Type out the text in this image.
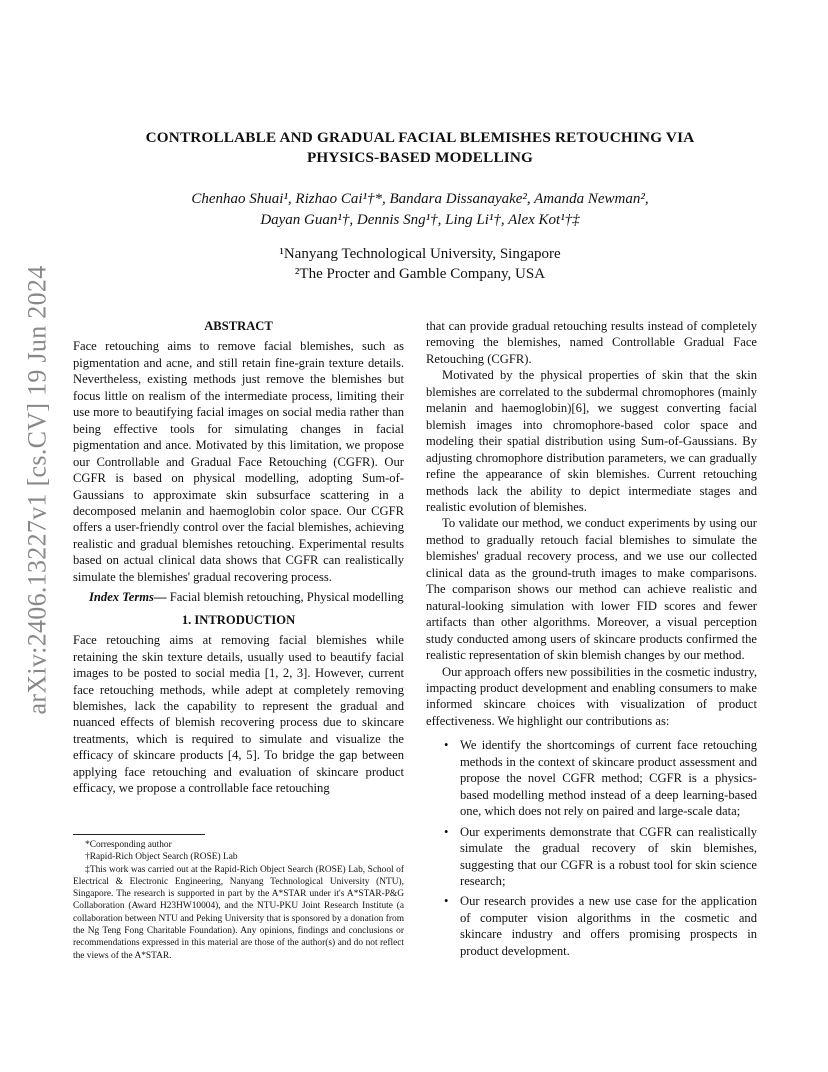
arXiv:2406.13227v1 [cs.CV] 19 Jun 2024
CONTROLLABLE AND GRADUAL FACIAL BLEMISHES RETOUCHING VIA PHYSICS-BASED MODELLING
Chenhao Shuai¹, Rizhao Cai¹†*, Bandara Dissanayake², Amanda Newman²,
Dayan Guan¹†, Dennis Sng¹†, Ling Li¹†, Alex Kot¹†‡
¹Nanyang Technological University, Singapore
²The Procter and Gamble Company, USA
ABSTRACT

Face retouching aims to remove facial blemishes, such as pigmentation and acne, and still retain fine-grain texture details. Nevertheless, existing methods just remove the blemishes but focus little on realism of the intermediate process, limiting their use more to beautifying facial images on social media rather than being effective tools for simulating changes in facial pigmentation and ance. Motivated by this limitation, we propose our Controllable and Gradual Face Retouching (CGFR). Our CGFR is based on physical modelling, adopting Sum-of-Gaussians to approximate skin subsurface scattering in a decomposed melanin and haemoglobin color space. Our CGFR offers a user-friendly control over the facial blemishes, achieving realistic and gradual blemishes retouching. Experimental results based on actual clinical data shows that CGFR can realistically simulate the blemishes' gradual recovering process.

Index Terms— Facial blemish retouching, Physical modelling

1. INTRODUCTION

Face retouching aims at removing facial blemishes while retaining the skin texture details, usually used to beautify facial images to be posted to social media [1, 2, 3]. However, current face retouching methods, while adept at completely removing blemishes, lack the capability to represent the gradual and nuanced effects of blemish recovering process due to skincare treatments, which is required to simulate and visualize the efficacy of skincare products [4, 5]. To bridge the gap between applying face retouching and evaluation of skincare product efficacy, we propose a controllable face retouching

*Corresponding author

†Rapid-Rich Object Search (ROSE) Lab

‡This work was carried out at the Rapid-Rich Object Search (ROSE) Lab, School of Electrical & Electronic Engineering, Nanyang Technological University (NTU), Singapore. The research is supported in part by the A*STAR under it's A*STAR-P&G Collaboration (Award H23HW10004), and the NTU-PKU Joint Research Institute (a collaboration between NTU and Peking University that is sponsored by a donation from the Ng Teng Fong Charitable Foundation). Any opinions, findings and conclusions or recommendations expressed in this material are those of the author(s) and do not reflect the views of the A*STAR.

that can provide gradual retouching results instead of completely removing the blemishes, named Controllable Gradual Face Retouching (CGFR).

Motivated by the physical properties of skin that the skin blemishes are correlated to the subdermal chromophores (mainly melanin and haemoglobin)[6], we suggest converting facial blemish images into chromophore-based color space and modeling their spatial distribution using Sum-of-Gaussians. By adjusting chromophore distribution parameters, we can gradually refine the appearance of skin blemishes. Current retouching methods lack the ability to depict intermediate stages and realistic evolution of blemishes.

To validate our method, we conduct experiments by using our method to gradually retouch facial blemishes to simulate the blemishes' gradual recovery process, and we use our collected clinical data as the ground-truth images to make comparisons. The comparison shows our method can achieve realistic and natural-looking simulation with lower FID scores and fewer artifacts than other algorithms. Moreover, a visual perception study conducted among users of skincare products confirmed the realistic representation of skin blemish changes by our method.

Our approach offers new possibilities in the cosmetic industry, impacting product development and enabling consumers to make informed skincare choices with visualization of product effectiveness. We highlight our contributions as:

• We identify the shortcomings of current face retouching methods in the context of skincare product assessment and propose the novel CGFR method; CGFR is a physics-based modelling method instead of a deep learning-based one, which does not rely on paired and large-scale data;
• Our experiments demonstrate that CGFR can realistically simulate the gradual recovery of skin blemishes, suggesting that our CGFR is a robust tool for skin science research;
• Our research provides a new use case for the application of computer vision algorithms in the cosmetic and skincare industry and offers promising prospects in product development.
